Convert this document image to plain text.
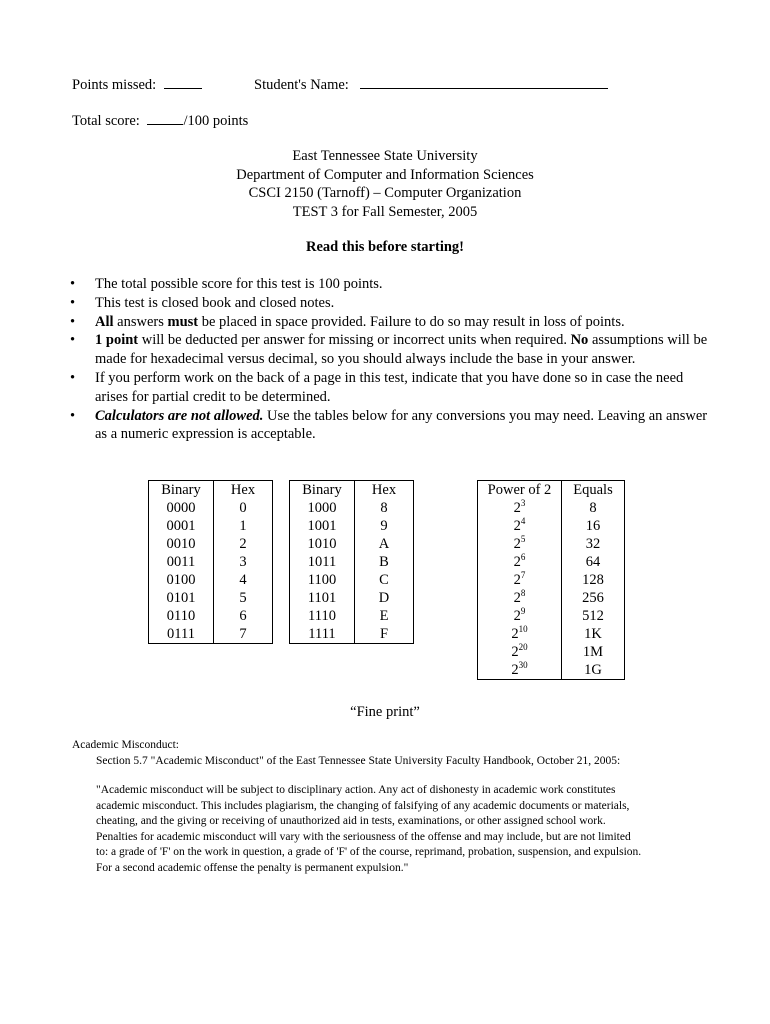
Points missed:	Student's Name:
Total score:	/100 points
East Tennessee State University
Department of Computer and Information Sciences
CSCI 2150 (Tarnoff) – Computer Organization
TEST 3 for Fall Semester, 2005
Read this before starting!
• The total possible score for this test is 100 points.
• This test is closed book and closed notes.
• All answers must be placed in space provided. Failure to do so may result in loss of points.
• 1 point will be deducted per answer for missing or incorrect units when required. No assumptions will be made for hexadecimal versus decimal, so you should always include the base in your answer.
• If you perform work on the back of a page in this test, indicate that you have done so in case the need arises for partial credit to be determined.
• Calculators are not allowed. Use the tables below for any conversions you may need. Leaving an answer as a numeric expression is acceptable.
Binary	Hex
0000	0
0001	1
0010	2
0011	3
0100	4
0101	5
0110	6
0111	7
Binary	Hex
1000	8
1001	9
1010	A
1011	B
1100	C
1101	D
1110	E
1111	F
Power of 2	Equals
$2^3$	8
$2^4$	16
$2^5$	32
$2^6$	64
$2^7$	128
$2^8$	256
$2^9$	512
$2^{10}$	1K
$2^{20}$	1M
$2^{30}$	1G
“Fine print”
Academic Misconduct:
Section 5.7 "Academic Misconduct" of the East Tennessee State University Faculty Handbook, October 21, 2005:
"Academic misconduct will be subject to disciplinary action. Any act of dishonesty in academic work constitutes
academic misconduct. This includes plagiarism, the changing of falsifying of any academic documents or materials,
cheating, and the giving or receiving of unauthorized aid in tests, examinations, or other assigned school work.
Penalties for academic misconduct will vary with the seriousness of the offense and may include, but are not limited
to: a grade of 'F' on the work in question, a grade of 'F' of the course, reprimand, probation, suspension, and expulsion.
For a second academic offense the penalty is permanent expulsion."
